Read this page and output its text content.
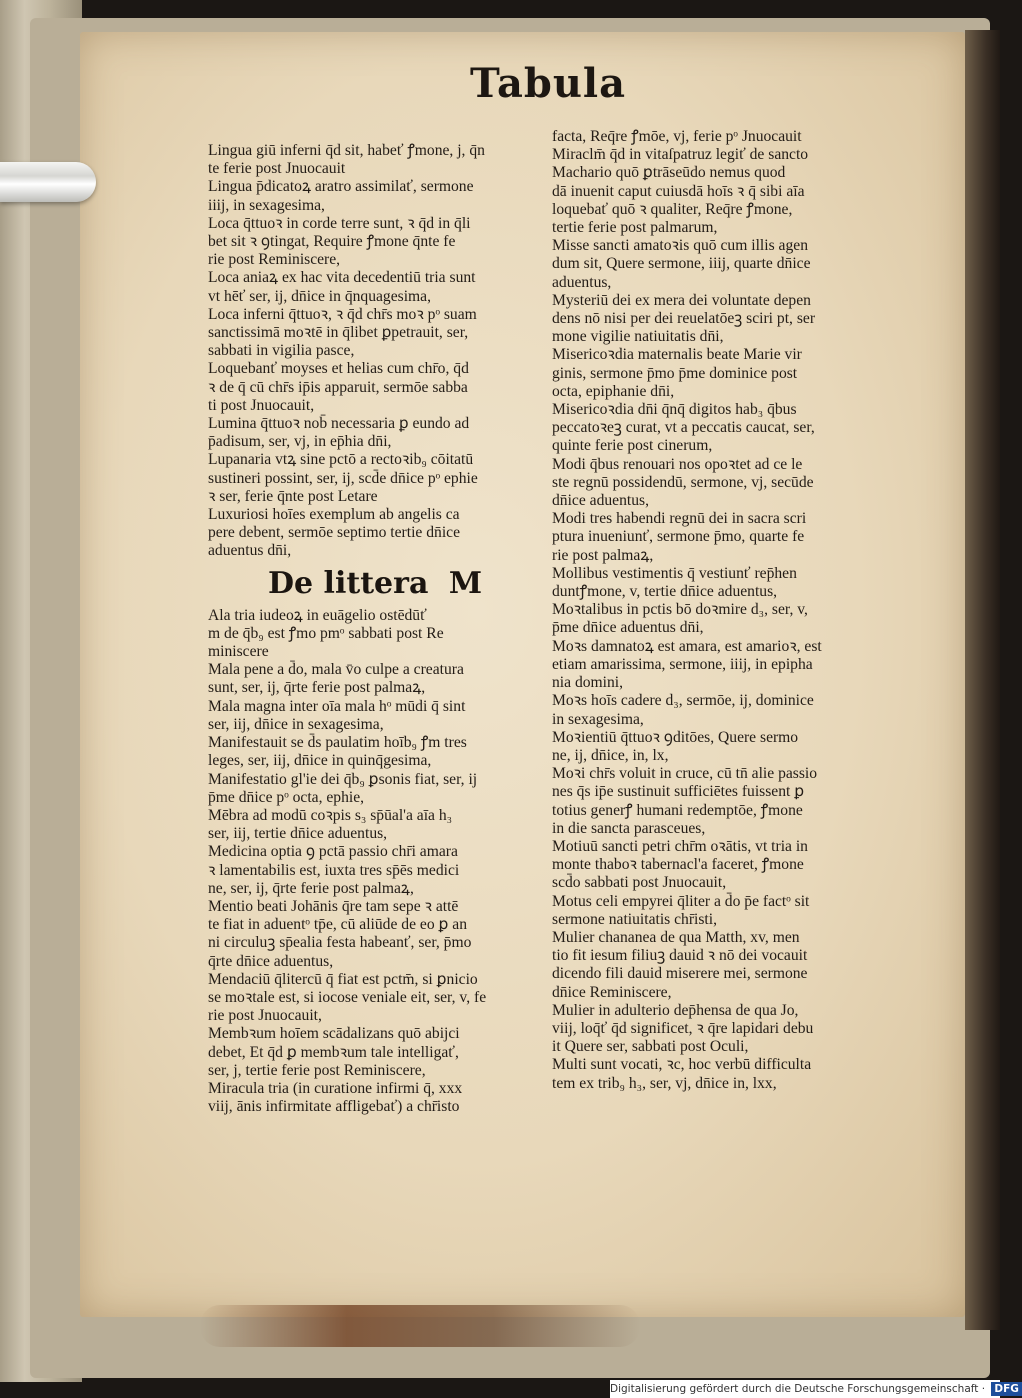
Tabula

Lingua giū inferni q̄d sit, habeť ꝭmone, j, q̄n
te ferie post Jnuocauit

Lingua p̄dicatoꝝ aratro assimilať, sermone
iiij, in sexagesima,

Loca q̄ttuoꝛ in corde terre sunt, ꝛ q̄d in q̄li
bet sit ꝛ ꝯtingat, Require ꝭmone q̄nte fe
rie post Reminiscere,

Loca aniaꝝ ex hac vita decedentiū tria sunt
vt hēť ser, ij, dn̄ice in q̄nquagesima,

Loca inferni q̄ttuoꝛ, ꝛ q̄d chr̄s moꝛ pᵒ suam
sanctissimā moꝛtē in q̄libet ꝑpetrauit, ser,
sabbati in vigilia pasce,

Loquebanť moyses et helias cum chr̄o, q̄d
ꝛ de q̄ cū chr̄s ip̄is apparuit, sermōe sabba
ti post Jnuocauit,

Lumina q̄ttuoꝛ nob̄ necessaria ꝑ eundo ad
p̄adisum, ser, vj, in ep̄hia dn̄i,

Lupanaria vtꝝ sine pctō a rectoꝛib₉ cōitatū
sustineri possint, ser, ij, scd̄e dn̄ice pᵒ ephie
ꝛ ser, ferie q̄nte post Letare

Luxuriosi hoīes exemplum ab angelis ca
pere debent, sermōe septimo tertie dn̄ice
aduentus dn̄i,

De littera M

Ala tria iudeoꝝ in euāgelio ostēdūť
m de q̄b₉ est ꝭmo pmᵒ sabbati post Re
miniscere

Mala pene a d̄o, mala v̄o culpe a creatura
sunt, ser, ij, q̄rte ferie post palmaꝝ,

Mala magna inter oīa mala hᵒ mūdi q̄ sint
ser, iij, dn̄ice in sexagesima,

Manifestauit se d̄s paulatim hoīb₉ ꝭm tres
leges, ser, iij, dn̄ice in quinq̄gesima,

Manifestatio gl'ie dei q̄b₉ ꝑsonis fiat, ser, ij
p̄me dn̄ice pᵒ octa, ephie,

Mēbra ad modū coꝛpis s₃ sp̄ūal'a aīa h₃
ser, iij, tertie dn̄ice aduentus,

Medicina optia ꝯ pctā passio chr̄i amara
ꝛ lamentabilis est, iuxta tres sp̄ēs medici
ne, ser, ij, q̄rte ferie post palmaꝝ,

Mentio beati Johānis q̄re tam sepe ꝛ attē
te fiat in aduentᵒ tp̄e, cū aliūde de eo ꝑ an
ni circuluꝫ sp̄ealia festa habeanť, ser, p̄mo
q̄rte dn̄ice aduentus,

Mendaciū q̄litercū q̄ fiat est pctm̄, si ꝑnicio
se moꝛtale est, si iocose veniale eit, ser, v, fe
rie post Jnuocauit,

Membꝛum hoīem scādalizans quō abijci
debet, Et q̄d ꝑ membꝛum tale intelligať,
ser, j, tertie ferie post Reminiscere,

Miracula tria (in curatione infirmi q̄, xxx
viij, ānis infirmitate affligebať) a chr̄isto

facta, Req̄re ꝭmōe, vj, ferie pᵒ Jnuocauit

Miraclm̄ q̄d in vitaſpatruz legiť de sancto
Machario quō ꝑtrāseūdo nemus quod
dā inuenit caput cuiusdā hoīs ꝛ q̄ sibi aīa
loquebať quō ꝛ qualiter, Req̄re ꝭmone,
tertie ferie post palmarum,

Misse sancti amatoꝛis quō cum illis agen
dum sit, Quere sermone, iiij, quarte dn̄ice
aduentus,

Mysteriū dei ex mera dei voluntate depen
dens nō nisi per dei reuelatōeꝫ sciri pt, ser
mone vigilie natiuitatis dn̄i,

Misericoꝛdia maternalis beate Marie vir
ginis, sermone p̄mo p̄me dominice post
octa, epiphanie dn̄i,

Misericoꝛdia dn̄i q̄nq̄ digitos hab₃ q̄bus
peccatoꝛeꝫ curat, vt a peccatis caucat, ser,
quinte ferie post cinerum,

Modi q̄bus renouari nos opoꝛtet ad ce le
ste regnū possidendū, sermone, vj, secūde
dn̄ice aduentus,

Modi tres habendi regnū dei in sacra scri
ptura inueniunť, sermone p̄mo, quarte fe
rie post palmaꝝ,

Mollibus vestimentis q̄ vestiunť rep̄hen
duntꝭmone, v, tertie dn̄ice aduentus,

Moꝛtalibus in pctis bō doꝛmire d₃, ser, v,
p̄me dn̄ice aduentus dn̄i,

Moꝛs damnatoꝝ est amara, est amarioꝛ, est
etiam amarissima, sermone, iiij, in epipha
nia domini,

Moꝛs hoīs cadere d₃, sermōe, ij, dominice
in sexagesima,

Moꝛientiū q̄ttuoꝛ ꝯditōes, Quere sermo
ne, ij, dn̄ice, in, lx,

Moꝛi chr̄s voluit in cruce, cū tn̄ alie passio
nes q̄s ip̄e sustinuit sufficiētes fuissent ꝑ
totius generꝭ humani redemptōe, ꝭmone
in die sancta parasceues,

Motiuū sancti petri chr̄m oꝛātis, vt tria in
monte thaboꝛ tabernacl'a faceret, ꝭmone
scd̄o sabbati post Jnuocauit,

Motus celi empyrei q̄liter a d̄o p̄e factᵒ sit
sermone natiuitatis chr̄isti,

Mulier chananea de qua Matth, xv, men
tio fit iesum filiuꝫ dauid ꝛ nō dei vocauit
dicendo fili dauid miserere mei, sermone
dn̄ice Reminiscere,

Mulier in adulterio dep̄hensa de qua Jo,
viij, loq̄ť q̄d significet, ꝛ q̄re lapidari debu
it Quere ser, sabbati post Oculi,

Multi sunt vocati, ꝛc, hoc verbū difficulta
tem ex trib₉ h₃, ser, vj, dn̄ice in, lxx,

Digitalisierung gefördert durch die Deutsche Forschungsgemeinschaft · DFG
